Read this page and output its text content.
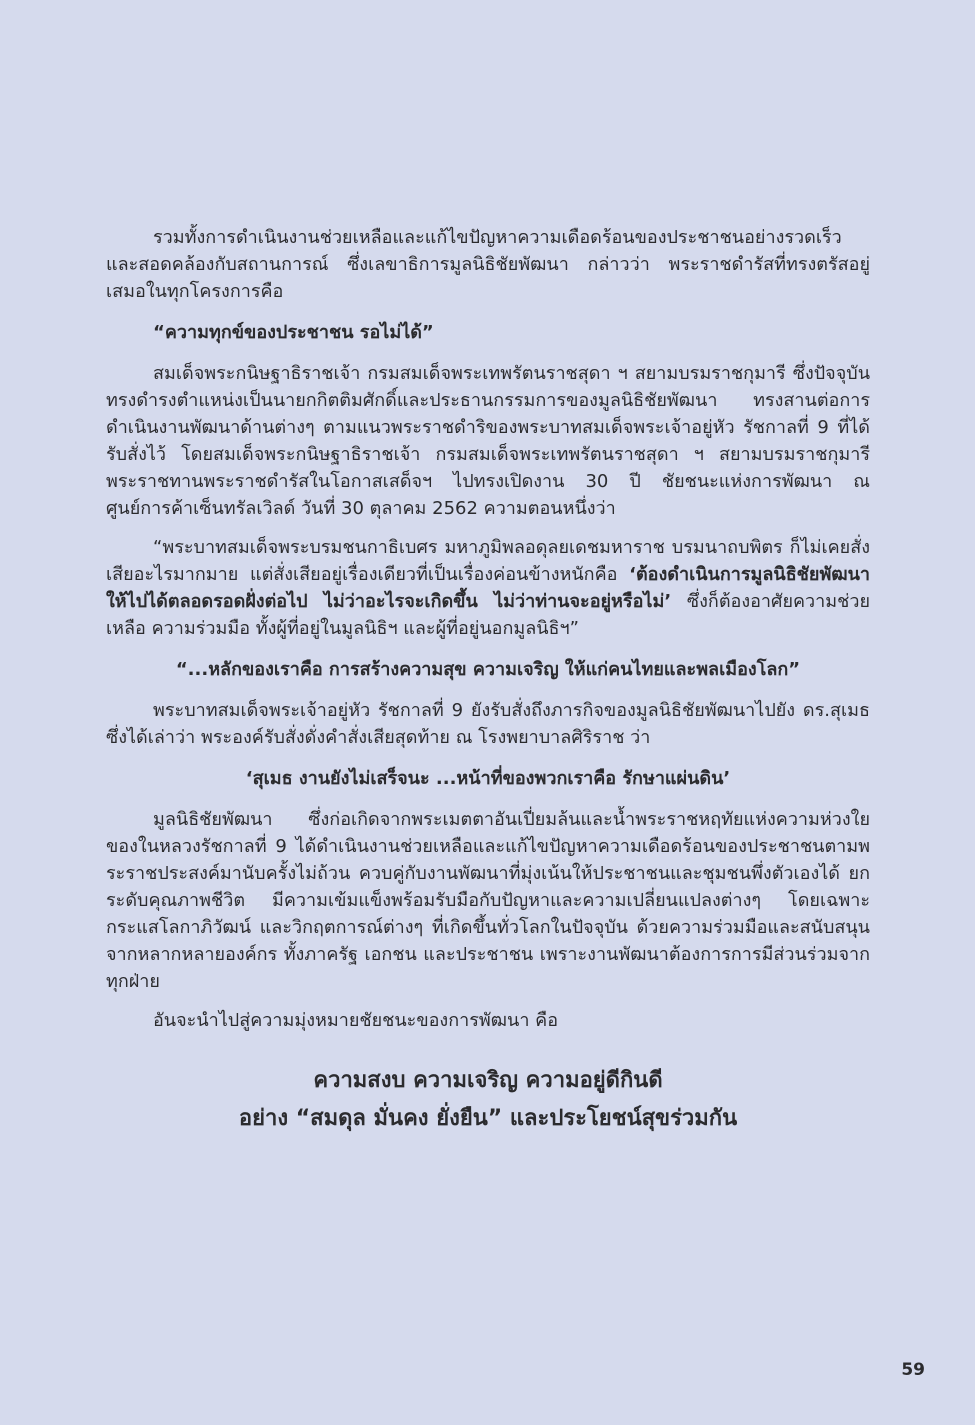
รวมทั้งการดำเนินงานช่วยเหลือและแก้ไขปัญหาความเดือดร้อนของประชาชนอย่างรวดเร็วและสอดคล้องกับสถานการณ์ ซึ่งเลขาธิการมูลนิธิชัยพัฒนา กล่าวว่า พระราชดำรัสที่ทรงตรัสอยู่เสมอในทุกโครงการคือ

“ความทุกข์ของประชาชน รอไม่ได้”

สมเด็จพระกนิษฐาธิราชเจ้า กรมสมเด็จพระเทพรัตนราชสุดา ฯ สยามบรมราชกุมารี ซึ่งปัจจุบันทรงดำรงตำแหน่งเป็นนายกกิตติมศักดิ์และประธานกรรมการของมูลนิธิชัยพัฒนา ทรงสานต่อการดำเนินงานพัฒนาด้านต่างๆ ตามแนวพระราชดำริของพระบาทสมเด็จพระเจ้าอยู่หัว รัชกาลที่ 9 ที่ได้รับสั่งไว้ โดยสมเด็จพระกนิษฐาธิราชเจ้า กรมสมเด็จพระเทพรัตนราชสุดา ฯ สยามบรมราชกุมารี พระราชทานพระราชดำรัสในโอกาสเสด็จฯ ไปทรงเปิดงาน 30 ปี ชัยชนะแห่งการพัฒนา ณ ศูนย์การค้าเซ็นทรัลเวิลด์ วันที่ 30 ตุลาคม 2562 ความตอนหนึ่งว่า

“พระบาทสมเด็จพระบรมชนกาธิเบศร มหาภูมิพลอดุลยเดชมหาราช บรมนาถบพิตร ก็ไม่เคยสั่งเสียอะไรมากมาย แต่สั่งเสียอยู่เรื่องเดียวที่เป็นเรื่องค่อนข้างหนักคือ ‘ต้องดำเนินการมูลนิธิชัยพัฒนาให้ไปได้ตลอดรอดฝั่งต่อไป ไม่ว่าอะไรจะเกิดขึ้น ไม่ว่าท่านจะอยู่หรือไม่’ ซึ่งก็ต้องอาศัยความช่วยเหลือ ความร่วมมือ ทั้งผู้ที่อยู่ในมูลนิธิฯ และผู้ที่อยู่นอกมูลนิธิฯ”

“...หลักของเราคือ การสร้างความสุข ความเจริญ ให้แก่คนไทยและพลเมืองโลก”

พระบาทสมเด็จพระเจ้าอยู่หัว รัชกาลที่ 9 ยังรับสั่งถึงภารกิจของมูลนิธิชัยพัฒนาไปยัง ดร.สุเมธ ซึ่งได้เล่าว่า พระองค์รับสั่งดั่งคำสั่งเสียสุดท้าย ณ โรงพยาบาลศิริราช ว่า

‘สุเมธ งานยังไม่เสร็จนะ ...หน้าที่ของพวกเราคือ รักษาแผ่นดิน’

มูลนิธิชัยพัฒนา ซึ่งก่อเกิดจากพระเมตตาอันเปี่ยมล้นและน้ำพระราชหฤทัยแห่งความห่วงใยของในหลวงรัชกาลที่ 9 ได้ดำเนินงานช่วยเหลือและแก้ไขปัญหาความเดือดร้อนของประชาชนตามพระราชประสงค์มานับครั้งไม่ถ้วน ควบคู่กับงานพัฒนาที่มุ่งเน้นให้ประชาชนและชุมชนพึ่งตัวเองได้ ยกระดับคุณภาพชีวิต มีความเข้มแข็งพร้อมรับมือกับปัญหาและความเปลี่ยนแปลงต่างๆ โดยเฉพาะกระแสโลกาภิวัฒน์ และวิกฤตการณ์ต่างๆ ที่เกิดขึ้นทั่วโลกในปัจจุบัน ด้วยความร่วมมือและสนับสนุนจากหลากหลายองค์กร ทั้งภาครัฐ เอกชน และประชาชน เพราะงานพัฒนาต้องการการมีส่วนร่วมจากทุกฝ่าย

อันจะนำไปสู่ความมุ่งหมายชัยชนะของการพัฒนา คือ

ความสงบ ความเจริญ ความอยู่ดีกินดี
อย่าง “สมดุล มั่นคง ยั่งยืน” และประโยชน์สุขร่วมกัน
59
